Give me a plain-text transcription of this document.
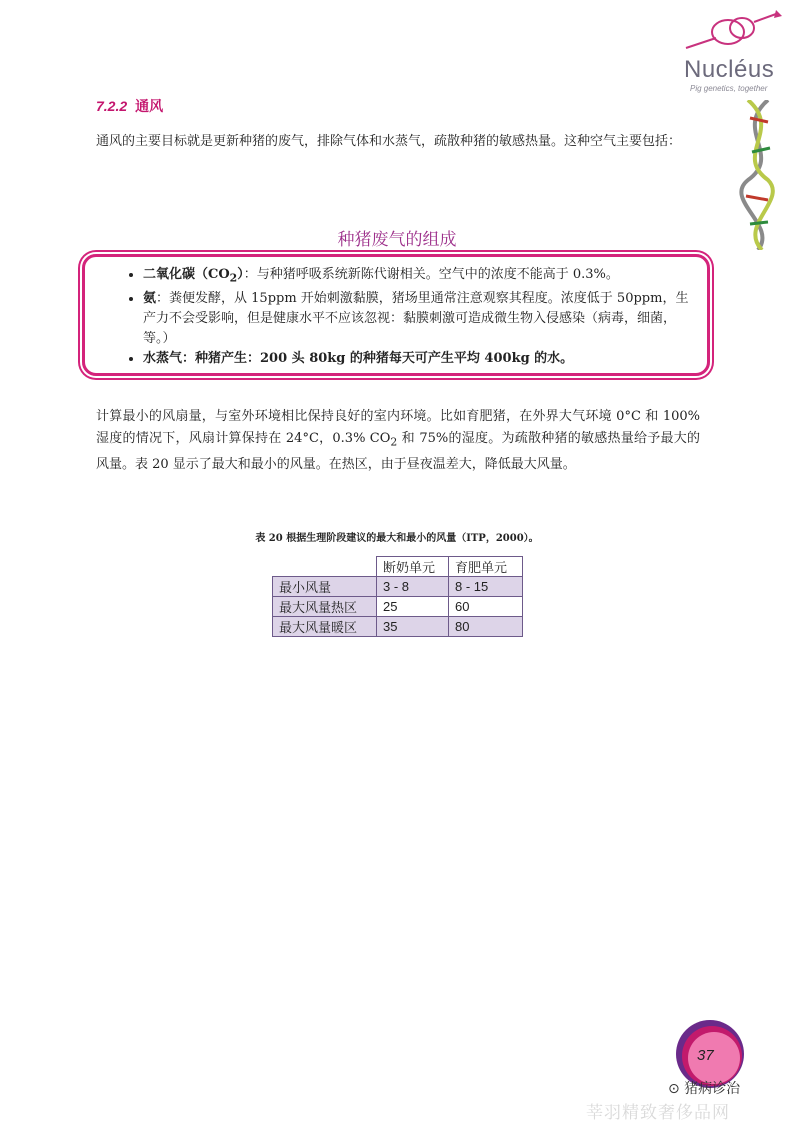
Nucléus
Pig genetics, together
7.2.2 通风
通风的主要目标就是更新种猪的废气，排除气体和水蒸气，疏散种猪的敏感热量。这种空气主要包括：
种猪废气的组成
• 二氧化碳$(CO_2)$：与种猪呼吸系统新陈代谢相关。空气中的浓度不能高于 0.3%。
• 氨：粪便发酵，从 15ppm 开始刺激黏膜，猪场里通常注意观察其程度。浓度低于 50ppm，生产力不会受影响，但是健康水平不应该忽视：黏膜刺激可造成微生物入侵感染（病毒，细菌，等。）
• 水蒸气：种猪产生：200 头 80kg 的种猪每天可产生平均 400kg 的水。
计算最小的风扇量，与室外环境相比保持良好的室内环境。比如育肥猪，在外界大气环境 0°C 和 100%湿度的情况下，风扇计算保持在 24°C，0.3% $CO_2$ 和 75%的湿度。为疏散种猪的敏感热量给予最大的风量。表 20 显示了最大和最小的风量。在热区，由于昼夜温差大，降低最大风量。
表 20 根据生理阶段建议的最大和最小的风量（ITP，2000）。
	断奶单元	育肥单元
最小风量	3 - 8	8 - 15
最大风量热区	25	60
最大风量暖区	35	80
37
⊙ 猪病诊治
莘羽精致奢侈品网
